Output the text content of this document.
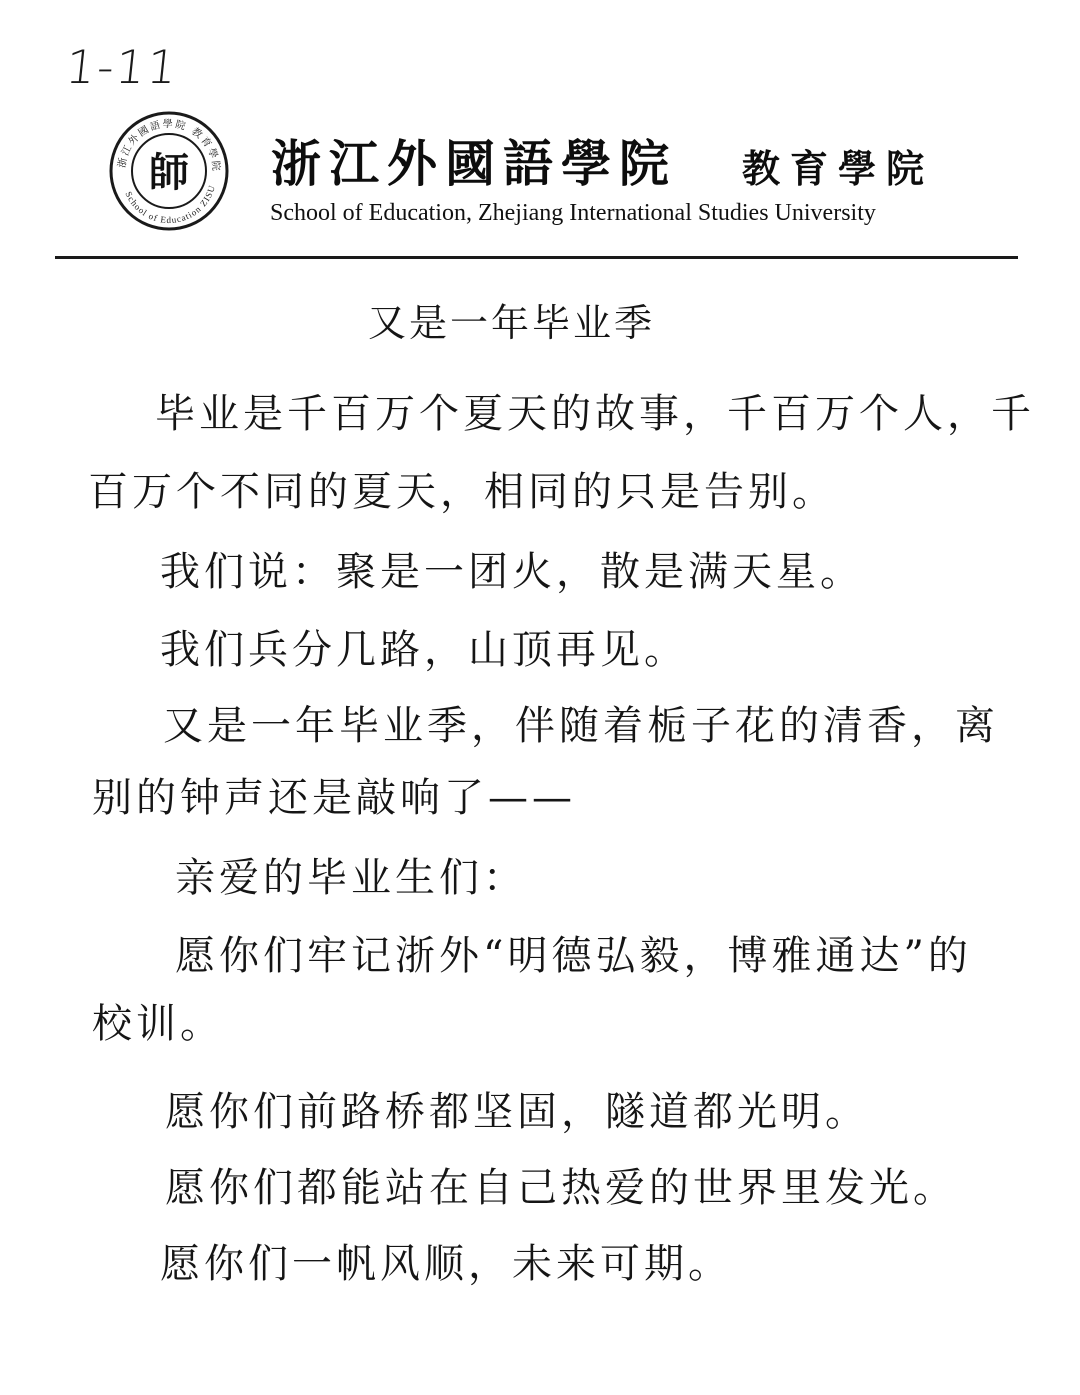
1-11
浙江外國語學院 教育學院
School of Education ZISU
師 浙江外國語學院 教育學院
School of Education, Zhejiang International Studies University
又是一年毕业季
毕业是千百万个夏天的故事，千百万个人，千
百万个不同的夏天，相同的只是告别。
我们说：聚是一团火，散是满天星。
我们兵分几路，山顶再见。
又是一年毕业季，伴随着栀子花的清香，离
别的钟声还是敲响了——
亲爱的毕业生们：
愿你们牢记浙外“明德弘毅，博雅通达”的
校训。
愿你们前路桥都坚固，隧道都光明。
愿你们都能站在自己热爱的世界里发光。
愿你们一帆风顺，未来可期。
